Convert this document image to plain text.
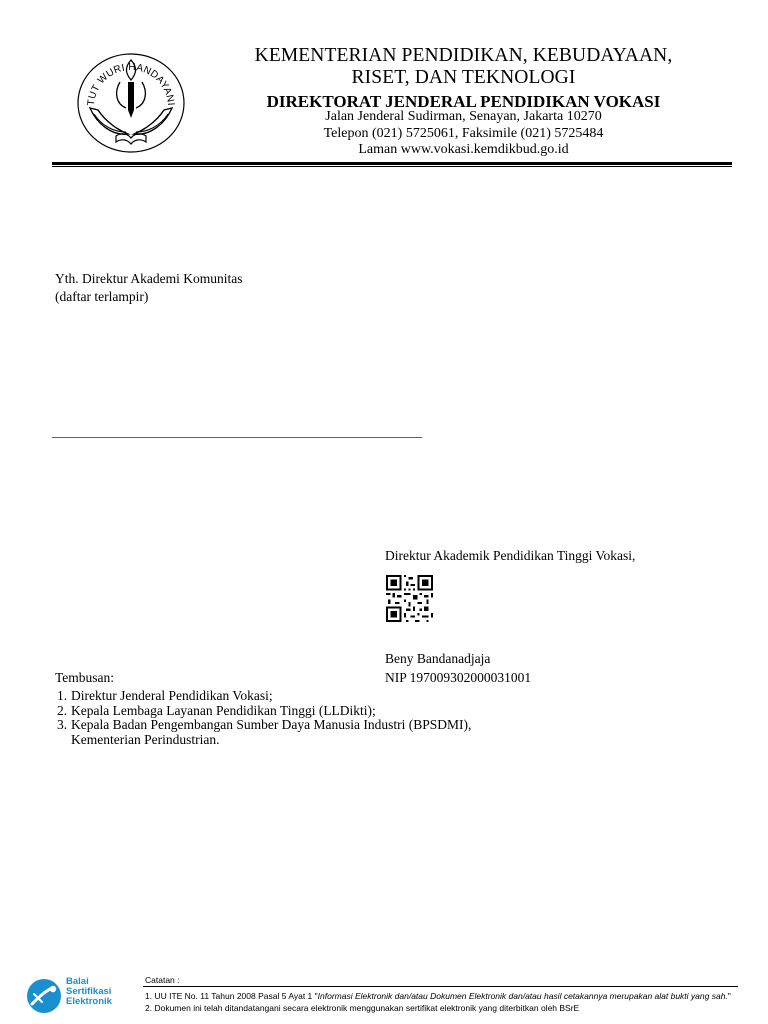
TUT WURI HANDAYANI
KEMENTERIAN PENDIDIKAN, KEBUDAYAAN,
RISET, DAN TEKNOLOGI
DIREKTORAT JENDERAL PENDIDIKAN VOKASI
Jalan Jenderal Sudirman, Senayan, Jakarta 10270
Telepon (021) 5725061, Faksimile (021) 5725484
Laman www.vokasi.kemdikbud.go.id
Yth. Direktur Akademi Komunitas
(daftar terlampir)
Direktur Akademik Pendidikan Tinggi Vokasi,
Beny Bandanadjaja
NIP 197009302000031001
Tembusan:
1. Direktur Jenderal Pendidikan Vokasi;
2. Kepala Lembaga Layanan Pendidikan Tinggi (LLDikti);
3. Kepala Badan Pengembangan Sumber Daya Manusia Industri (BPSDMI),
Kementerian Perindustrian.
Balai
Sertifikasi
Elektronik
Catatan :
1. UU ITE No. 11 Tahun 2008 Pasal 5 Ayat 1 "Informasi Elektronik dan/atau Dokumen Elektronik dan/atau hasil cetakannya merupakan alat bukti yang sah."
2. Dokumen ini telah ditandatangani secara elektronik menggunakan sertifikat elektronik yang diterbitkan oleh BSrE
